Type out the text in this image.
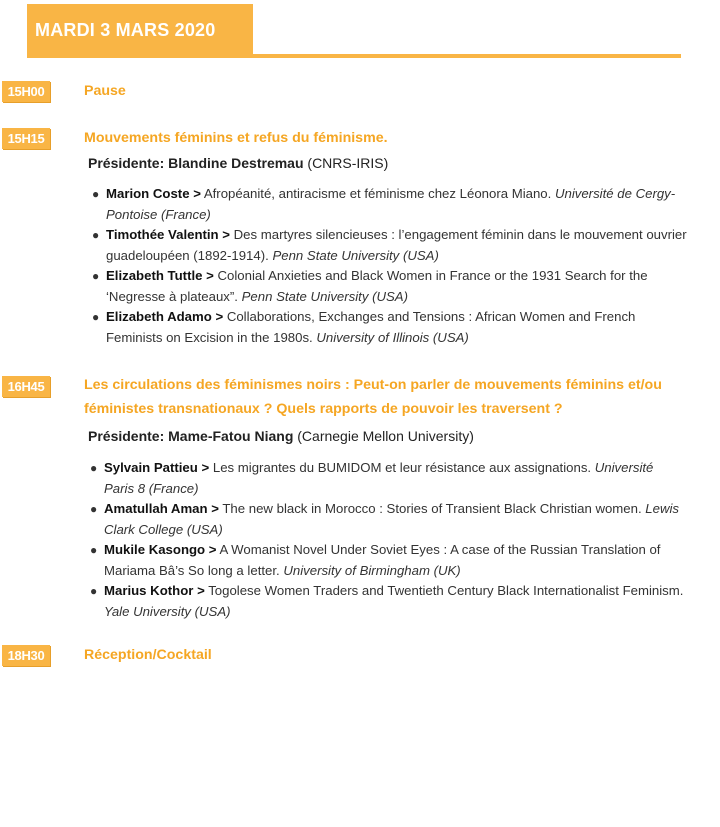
MARDI 3 MARS 2020
15H00	Pause
15H15	Mouvements féminins et refus du féminisme.
Présidente: Blandine Destremau (CNRS-IRIS)
● Marion Coste > Afropéanité, antiracisme et féminisme chez Léonora Miano. Université de Cergy-Pontoise (France)
● Timothée Valentin > Des martyres silencieuses : l’engagement féminin dans le mouvement ouvrier guadeloupéen (1892-1914). Penn State University (USA)
● Elizabeth Tuttle > Colonial Anxieties and Black Women in France or the 1931 Search for the ‘Negresse à plateaux”. Penn State University (USA)
● Elizabeth Adamo > Collaborations, Exchanges and Tensions : African Women and French Feminists on Excision in the 1980s. University of Illinois (USA)
16H45	Les circulations des féminismes noirs : Peut-on parler de mouvements féminins et/ou féministes transnationaux ? Quels rapports de pouvoir les traversent ?
Présidente: Mame-Fatou Niang (Carnegie Mellon University)
● Sylvain Pattieu > Les migrantes du BUMIDOM et leur résistance aux assignations. Université Paris 8 (France)
● Amatullah Aman > The new black in Morocco : Stories of Transient Black Christian women. Lewis Clark College (USA)
● Mukile Kasongo > A Womanist Novel Under Soviet Eyes : A case of the Russian Translation of Mariama Bâ’s So long a letter. University of Birmingham (UK)
● Marius Kothor > Togolese Women Traders and Twentieth Century Black Internationalist Feminism. Yale University (USA)
18H30	Réception/Cocktail
